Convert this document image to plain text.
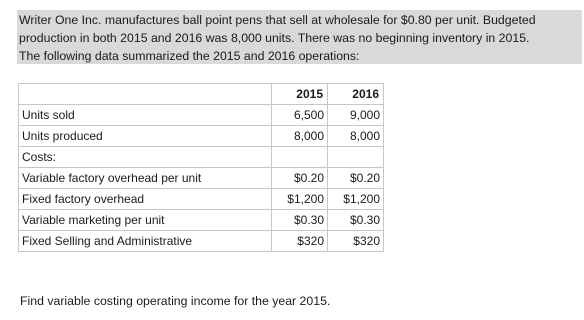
Writer One Inc. manufactures ball point pens that sell at wholesale for $0.80 per unit. Budgeted
production in both 2015 and 2016 was 8,000 units. There was no beginning inventory in 2015.
The following data summarized the 2015 and 2016 operations:
	2015	2016
Units sold	6,500	9,000
Units produced	8,000	8,000
Costs:		
Variable factory overhead per unit	$0.20	$0.20
Fixed factory overhead	$1,200	$1,200
Variable marketing per unit	$0.30	$0.30
Fixed Selling and Administrative	$320	$320
Find variable costing operating income for the year 2015.
